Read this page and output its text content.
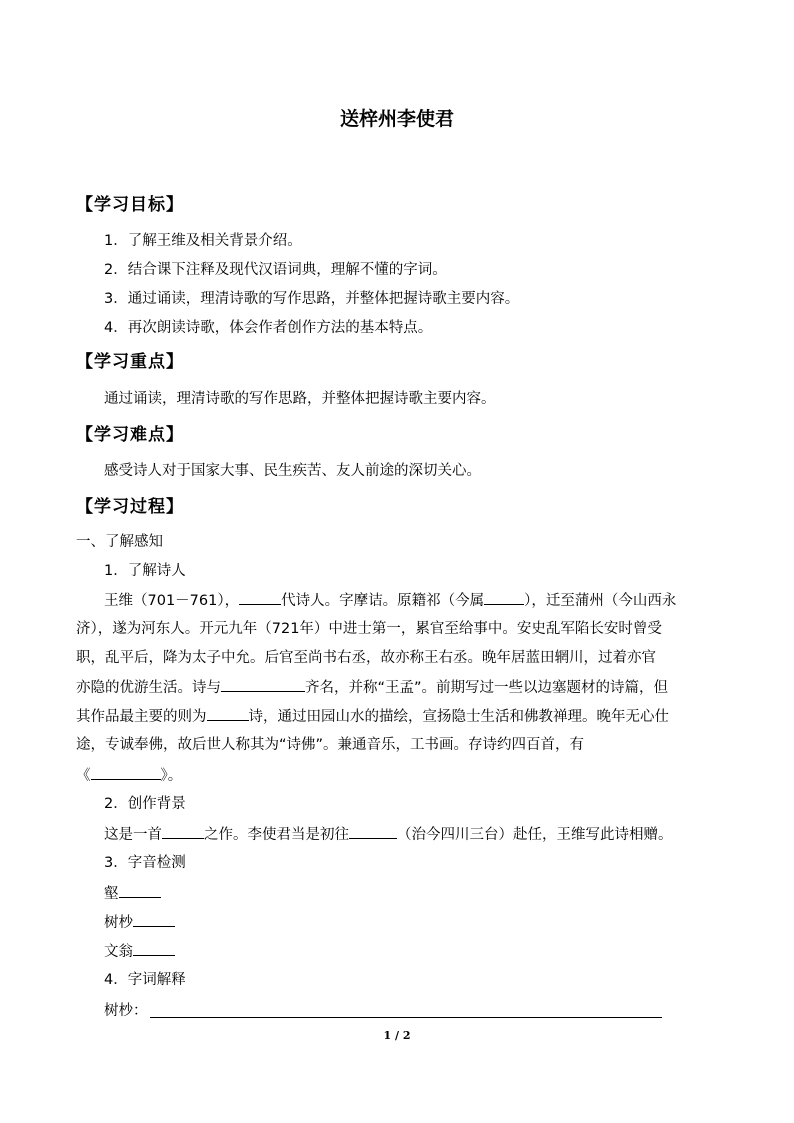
送梓州李使君
【学习目标】
1．了解王维及相关背景介绍。
2．结合课下注释及现代汉语词典，理解不懂的字词。
3．通过诵读，理清诗歌的写作思路，并整体把握诗歌主要内容。
4．再次朗读诗歌，体会作者创作方法的基本特点。
【学习重点】
通过诵读，理清诗歌的写作思路，并整体把握诗歌主要内容。
【学习难点】
感受诗人对于国家大事、民生疾苦、友人前途的深切关心。
【学习过程】
一、了解感知
1．了解诗人
王维（701－761），	代诗人。字摩诘。原籍祁（今属	），迁至蒲州（今山西永
济），遂为河东人。开元九年（721年）中进士第一，累官至给事中。安史乱军陷长安时曾受
职，乱平后，降为太子中允。后官至尚书右丞，故亦称王右丞。晚年居蓝田辋川，过着亦官
亦隐的优游生活。诗与	齐名，并称“王孟”。前期写过一些以边塞题材的诗篇，但
其作品最主要的则为	诗，通过田园山水的描绘，宣扬隐士生活和佛教禅理。晚年无心仕
途，专诚奉佛，故后世人称其为“诗佛”。兼通音乐，工书画。存诗约四百首，有
《	》。
2．创作背景
这是一首	之作。李使君当是初往	（治今四川三台）赴任，王维写此诗相赠。
3．字音检测
壑
树杪
文翁
4．字词解释
树杪：
1 / 2
